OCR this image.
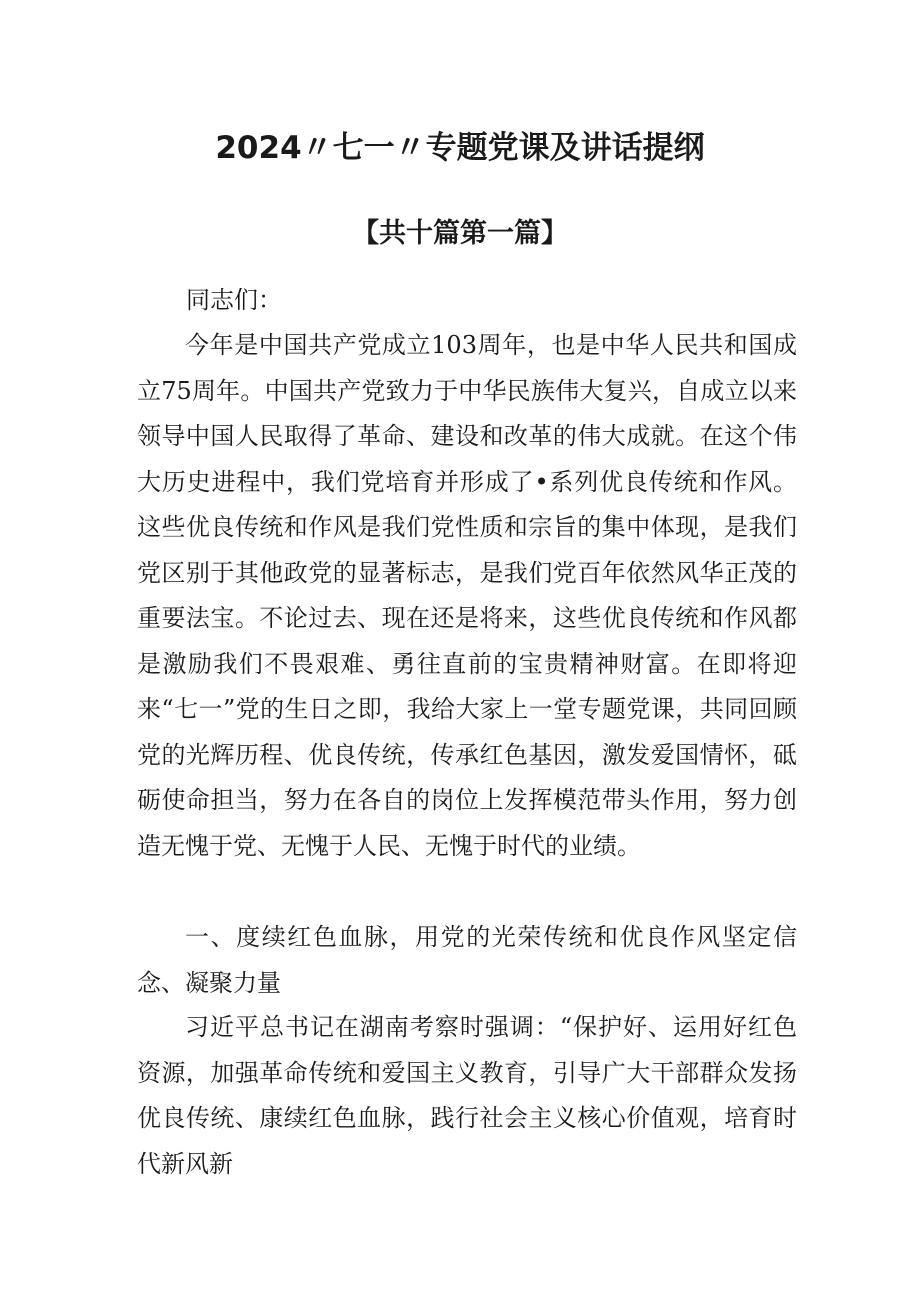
2024〃七一〃专题党课及讲话提纲
【共十篇第一篇】

同志们：

今年是中国共产党成立103周年，也是中华人民共和国成立75周年。中国共产党致力于中华民族伟大复兴，自成立以来领导中国人民取得了革命、建设和改革的伟大成就。在这个伟大历史进程中，我们党培育并形成了•系列优良传统和作风。这些优良传统和作风是我们党性质和宗旨的集中体现，是我们党区别于其他政党的显著标志，是我们党百年依然风华正茂的重要法宝。不论过去、现在还是将来，这些优良传统和作风都是激励我们不畏艰难、勇往直前的宝贵精神财富。在即将迎来“七一”党的生日之即，我给大家上一堂专题党课，共同回顾党的光辉历程、优良传统，传承红色基因，激发爱国情怀，砥砺使命担当，努力在各自的岗位上发挥模范带头作用，努力创造无愧于党、无愧于人民、无愧于时代的业绩。

一、度续红色血脉，用党的光荣传统和优良作风坚定信念、凝聚力量

习近平总书记在湖南考察时强调：“保护好、运用好红色资源，加强革命传统和爱国主义教育，引导广大干部群众发扬优良传统、康续红色血脉，践行社会主义核心价值观，培育时代新风新
